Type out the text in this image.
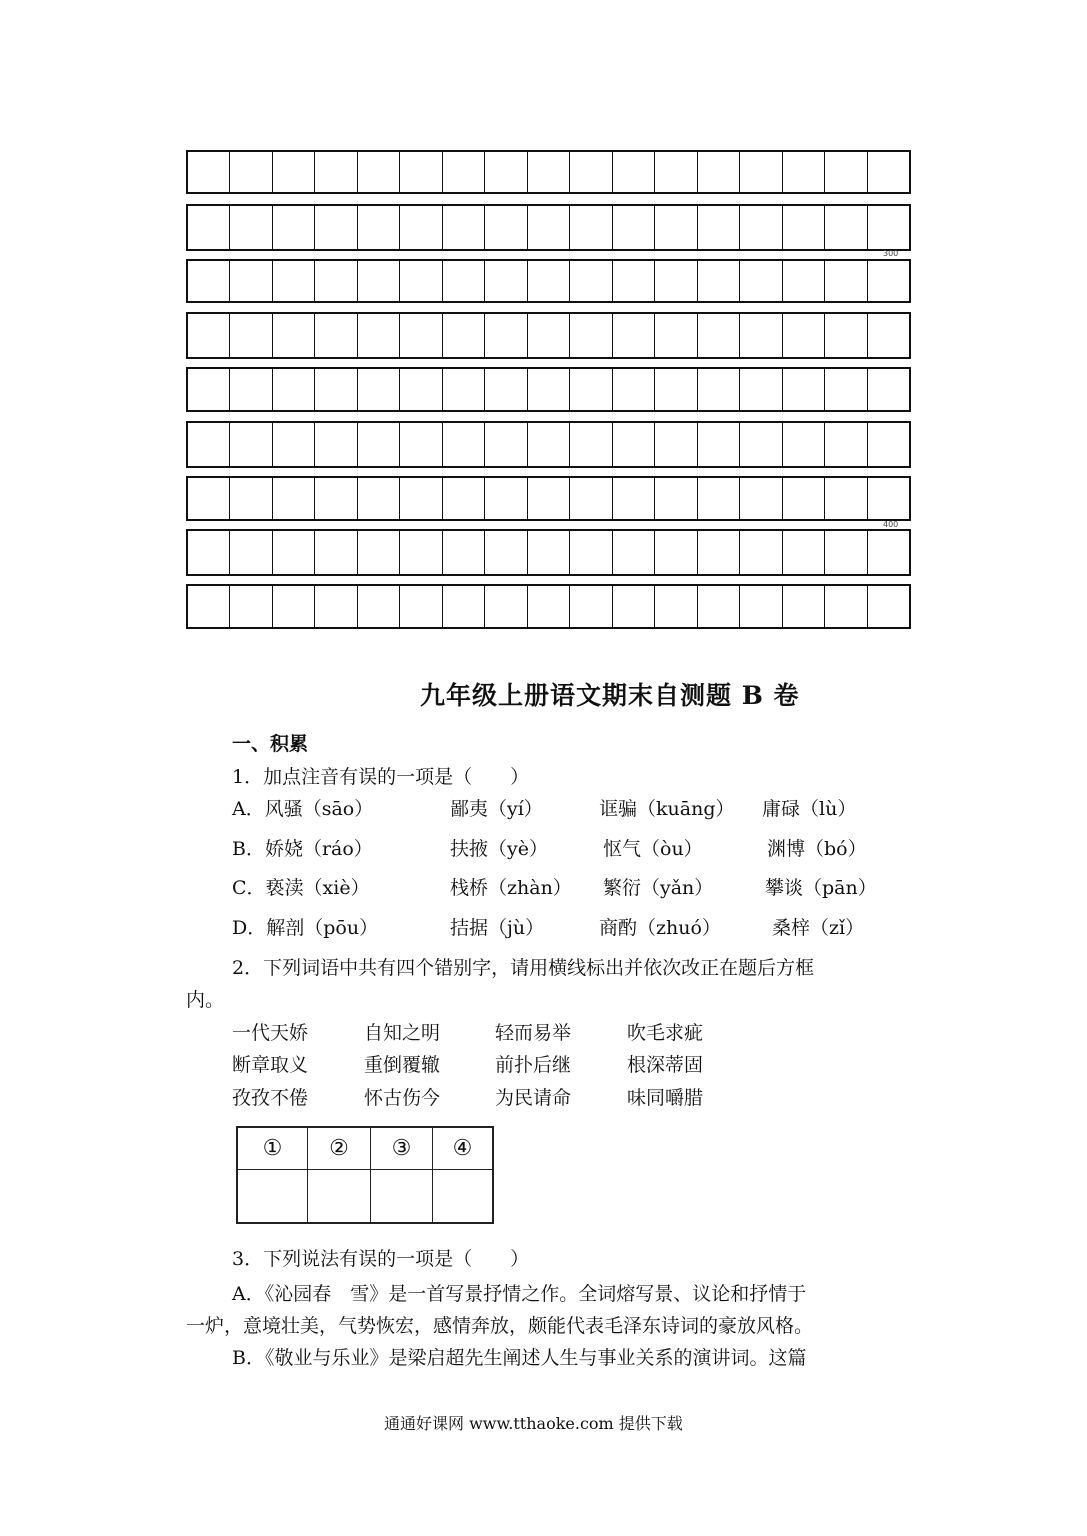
300
400
九年级上册语文期末自测题 B 卷
一、积累
1．加点注音有误的一项是（　　）
A．风骚（sāo）	鄙夷（yí）	诓骗（kuāng） 庸碌（lù）
B．娇娆（ráo）	扶掖（yè）	怄气（òu）	渊博（bó）
C．亵渎（xiè）	栈桥（zhàn） 繁衍（yǎn）	攀谈（pān）
D．解剖（pōu）	拮据（jù）	商酌（zhuó）	桑梓（zǐ）
2．下列词语中共有四个错别字，请用横线标出并依次改正在题后方框
内。
一代天娇	自知之明	轻而易举	吹毛求疵
断章取义	重倒覆辙	前扑后继	根深蒂固
孜孜不倦	怀古伤今	为民请命	味同嚼腊
①	②	③	④
3．下列说法有误的一项是（　　）
A．《沁园春　雪》是一首写景抒情之作。全词熔写景、议论和抒情于
一炉，意境壮美，气势恢宏，感情奔放，颇能代表毛泽东诗词的豪放风格。
B．《敬业与乐业》是梁启超先生阐述人生与事业关系的演讲词。这篇
通通好课网 www.tthaoke.com 提供下载
